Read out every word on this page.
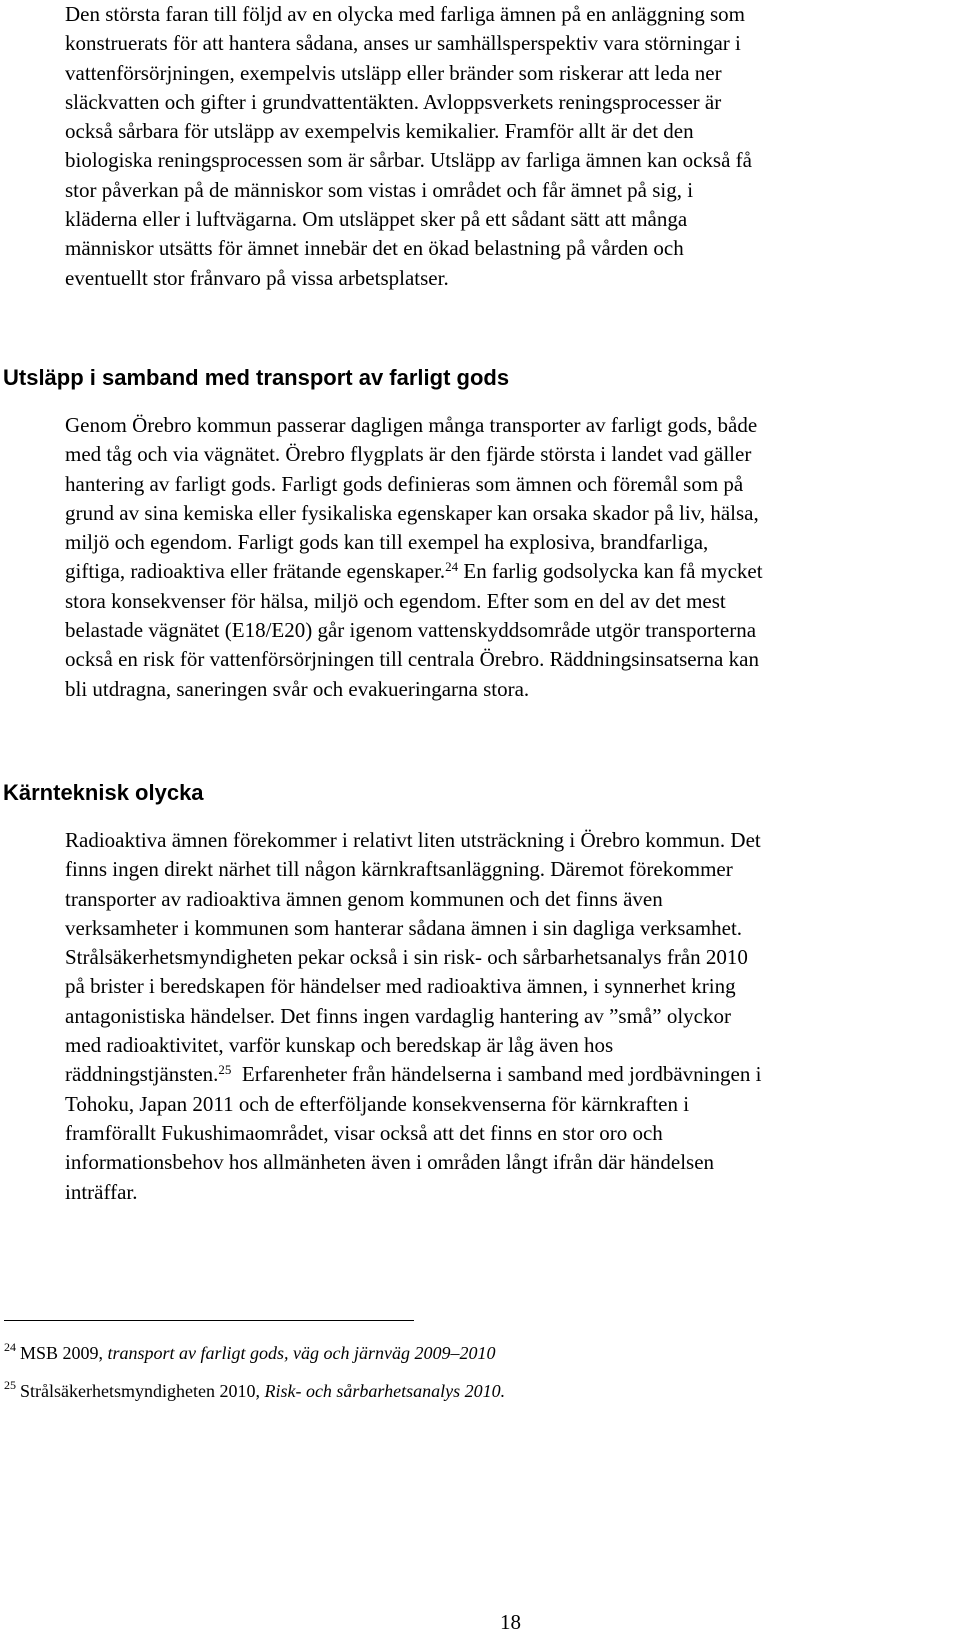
Den största faran till följd av en olycka med farliga ämnen på en anläggning som
konstruerats för att hantera sådana, anses ur samhällsperspektiv vara störningar i
vattenförsörjningen, exempelvis utsläpp eller bränder som riskerar att leda ner
släckvatten och gifter i grundvattentäkten. Avloppsverkets reningsprocesser är
också sårbara för utsläpp av exempelvis kemikalier. Framför allt är det den
biologiska reningsprocessen som är sårbar. Utsläpp av farliga ämnen kan också få
stor påverkan på de människor som vistas i området och får ämnet på sig, i
kläderna eller i luftvägarna. Om utsläppet sker på ett sådant sätt att många
människor utsätts för ämnet innebär det en ökad belastning på vården och
eventuellt stor frånvaro på vissa arbetsplatser.

Utsläpp i samband med transport av farligt gods

Genom Örebro kommun passerar dagligen många transporter av farligt gods, både
med tåg och via vägnätet. Örebro flygplats är den fjärde största i landet vad gäller
hantering av farligt gods. Farligt gods definieras som ämnen och föremål som på
grund av sina kemiska eller fysikaliska egenskaper kan orsaka skador på liv, hälsa,
miljö och egendom. Farligt gods kan till exempel ha explosiva, brandfarliga,
giftiga, radioaktiva eller frätande egenskaper.$^{24}$ En farlig godsolycka kan få mycket
stora konsekvenser för hälsa, miljö och egendom. Efter som en del av det mest
belastade vägnätet (E18/E20) går igenom vattenskyddsområde utgör transporterna
också en risk för vattenförsörjningen till centrala Örebro. Räddningsinsatserna kan
bli utdragna, saneringen svår och evakueringarna stora.

Kärnteknisk olycka

Radioaktiva ämnen förekommer i relativt liten utsträckning i Örebro kommun. Det
finns ingen direkt närhet till någon kärnkraftsanläggning. Däremot förekommer
transporter av radioaktiva ämnen genom kommunen och det finns även
verksamheter i kommunen som hanterar sådana ämnen i sin dagliga verksamhet.
Strålsäkerhetsmyndigheten pekar också i sin risk- och sårbarhetsanalys från 2010
på brister i beredskapen för händelser med radioaktiva ämnen, i synnerhet kring
antagonistiska händelser. Det finns ingen vardaglig hantering av ”små” olyckor
med radioaktivitet, varför kunskap och beredskap är låg även hos
räddningstjänsten.$^{25}$  Erfarenheter från händelserna i samband med jordbävningen i
Tohoku, Japan 2011 och de efterföljande konsekvenserna för kärnkraften i
framförallt Fukushimaområdet, visar också att det finns en stor oro och
informationsbehov hos allmänheten även i områden långt ifrån där händelsen
inträffar.

$^{24}$ MSB 2009, transport av farligt gods, väg och järnväg 2009–2010

$^{25}$ Strålsäkerhetsmyndigheten 2010, Risk- och sårbarhetsanalys 2010.

18
